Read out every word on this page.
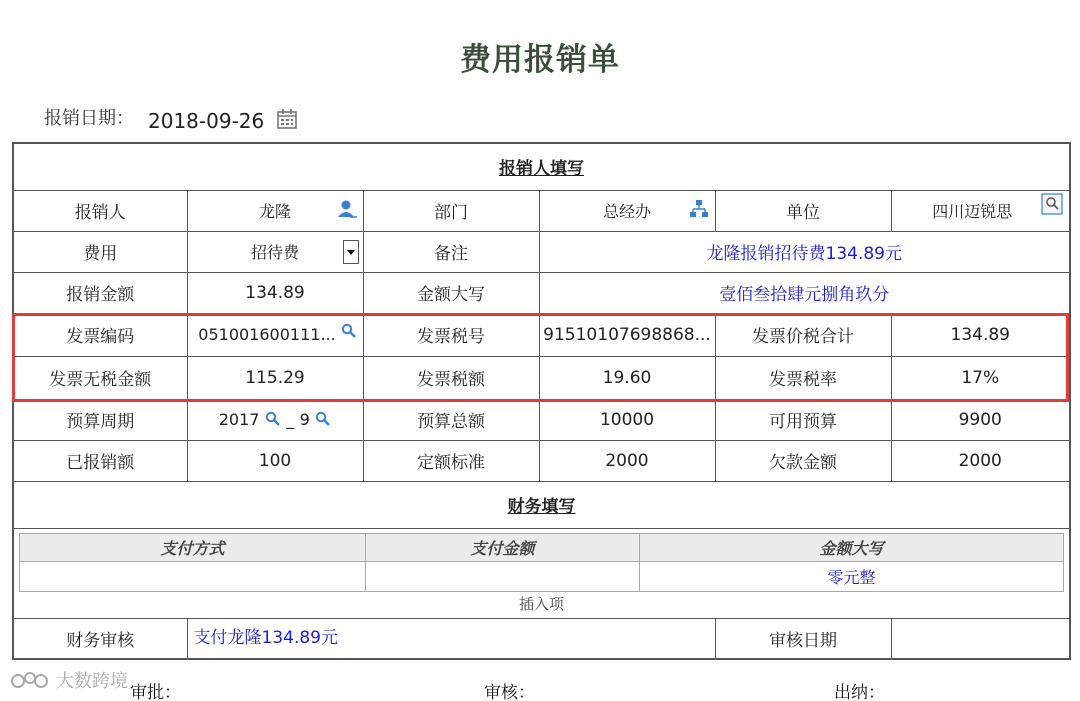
费用报销单
报销日期： 2018-09-26
报销人填写
报销人	龙隆	部门	总经办	单位	四川迈锐思

费用	招待费	备注	龙隆报销招待费134.89元
报销金额	134.89	金额大写	壹佰叁拾肆元捌角玖分
发票编码	051001600111...	发票税号	91510107698868...	发票价税合计	134.89
发票无税金额	115.29	发票税额	19.60	发票税率	17%
预算周期	2017 _ 9	预算总额	10000	可用预算	9900
已报销额	100	定额标准	2000	欠款金额	2000
财务填写

支付方式	支付金额	金额大写
		零元整
插入项

财务审核	支付龙隆134.89元	审核日期	
审批：	审核：	出纳：
大数跨境
